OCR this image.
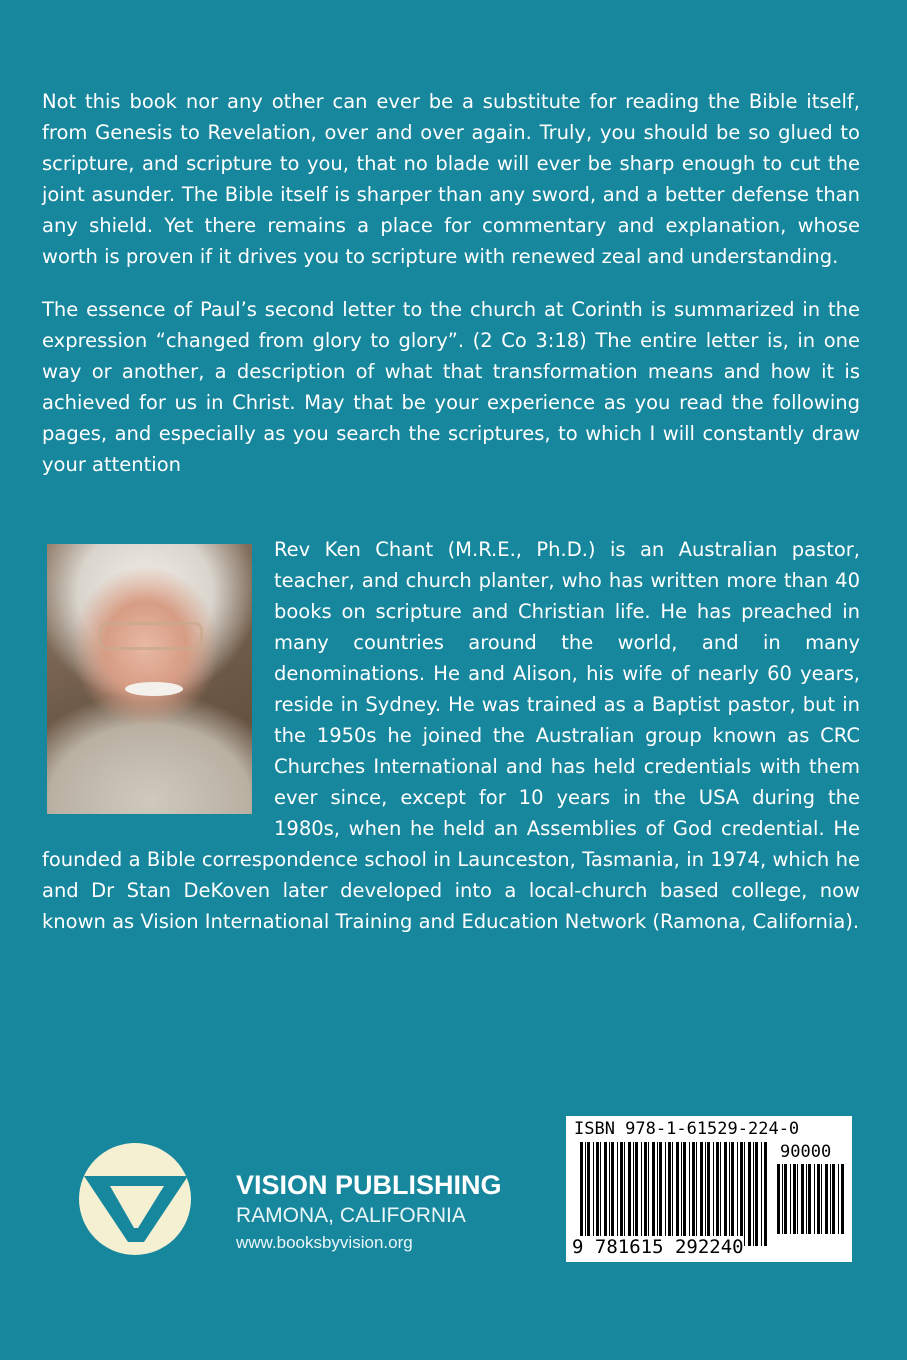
Not this book nor any other can ever be a substitute for reading the Bible itself, from Genesis to Revelation, over and over again. Truly, you should be so glued to scripture, and scripture to you, that no blade will ever be sharp enough to cut the joint asunder. The Bible itself is sharper than any sword, and a better defense than any shield. Yet there remains a place for commentary and explanation, whose worth is proven if it drives you to scripture with renewed zeal and understanding.

The essence of Paul’s second letter to the church at Corinth is summarized in the expression “changed from glory to glory”. (2 Co 3:18) The entire letter is, in one way or another, a description of what that transformation means and how it is achieved for us in Christ. May that be your experience as you read the following pages, and especially as you search the scriptures, to which I will constantly draw your attention

Rev Ken Chant (M.R.E., Ph.D.) is an Australian pastor, teacher, and church planter, who has written more than 40 books on scripture and Christian life. He has preached in many countries around the world, and in many denominations. He and Alison, his wife of nearly 60 years, reside in Sydney. He was trained as a Baptist pastor, but in the 1950s he joined the Australian group known as CRC Churches International and has held credentials with them ever since, except for 10 years in the USA during the 1980s, when he held an Assemblies of God credential. He founded a Bible correspondence school in Launceston, Tasmania, in 1974, which he and Dr Stan DeKoven later developed into a local-church based college, now known as Vision International Training and Education Network (Ramona, California).
VISION PUBLISHING
RAMONA, CALIFORNIA
www.booksbyvision.org
ISBN 978-1-61529-224-0
90000
9 781615 292240
